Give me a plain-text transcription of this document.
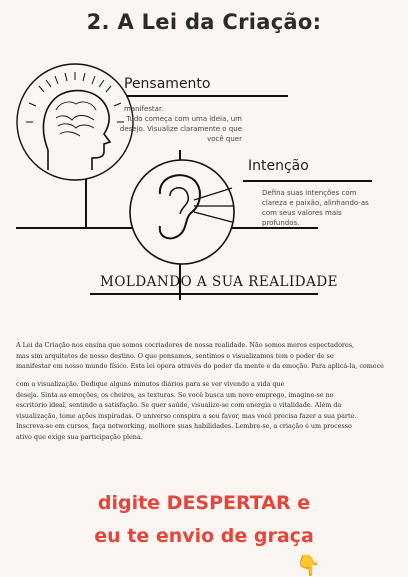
2. A Lei da Criação:
Pensamento
manifestar.
Tudo começa com uma ideia, um
desejo. Visualize claramente o que
você quer
Intenção
Defina suas intenções com
clareza e paixão, alinhando-as
com seus valores mais
profundos.
MOLDANDO A SUA REALIDADE
A Lei da Criação nos ensina que somos cocriadores de nossa realidade. Não somos meros espectadores,
mas sim arquitetos de nosso destino. O que pensamos, sentimos e visualizamos tem o poder de se
manifestar em nosso mundo físico. Esta lei opera através do poder da mente e da emoção. Para aplicá-la, comece
com a visualização. Dedique alguns minutos diários para se ver vivendo a vida que
deseja. Sinta as emoções, os cheiros, as texturas. Se você busca um novo emprego, imagine-se no
escritório ideal, sentindo a satisfação. Se quer saúde, visualize-se com energia e vitalidade. Além da
visualização, tome ações inspiradas. O universo conspira a seu favor, mas você precisa fazer a sua parte.
Inscreva-se em cursos, faça networking, melhore suas habilidades. Lembre-se, a criação é um processo
ativo que exige sua participação plena.
digite DESPERTAR e
eu te envio de graça
👇
